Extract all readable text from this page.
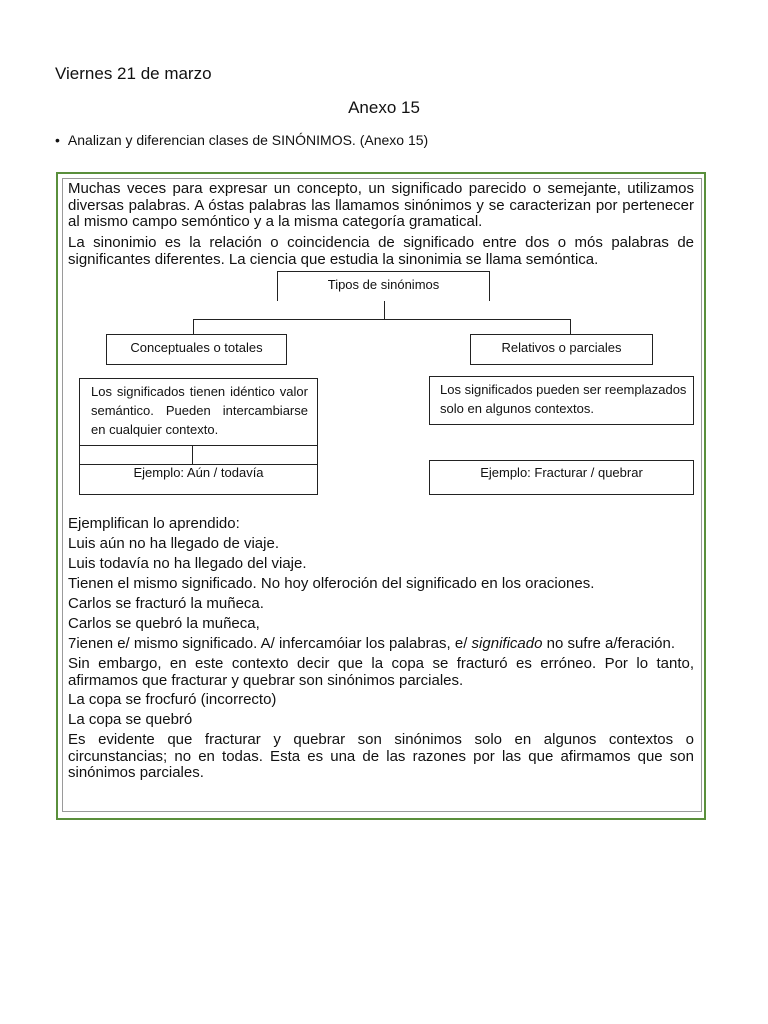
Viernes 21 de marzo
Anexo 15
• Analizan y diferencian clases de SINÓNIMOS. (Anexo 15)
Muchas veces para expresar un concepto, un significado parecido o semejante, utilizamos diversas palabras. A óstas palabras las llamamos sinónimos y se caracterizan por pertenecer al mismo campo semóntico y a la misma categoría gramatical.
La sinonimio es la relación o coincidencia de significado entre dos o mós palabras de significantes diferentes. La ciencia que estudia la sinonimia se llama semóntica.
Tipos de sinónimos
Conceptuales o totales	Relativos o parciales
Los significados tienen idéntico valor semántico. Pueden intercambiarse en cualquier contexto.
Ejemplo: Aún / todavía
Los significados pueden ser reemplazados solo en algunos contextos.
Ejemplo: Fracturar / quebrar
Ejemplifican lo aprendido:
Luis aún no ha llegado de viaje.
Luis todavía no ha llegado del viaje.
Tienen el mismo significado. No hoy olferoción del significado en los oraciones.
Carlos se fracturó la muñeca.
Carlos se quebró la muñeca,
7ienen e/ mismo significado. A/ infercamóiar los palabras, e/ significado no sufre a/feración.
Sin embargo, en este contexto decir que la copa se fracturó es erróneo. Por lo tanto, afirmamos que fracturar y quebrar son sinónimos parciales.
La copa se frocfuró (incorrecto)
La copa se quebró
Es evidente que fracturar y quebrar son sinónimos solo en algunos contextos o circunstancias; no en todas. Esta es una de las razones por las que afirmamos que son sinónimos parciales.
